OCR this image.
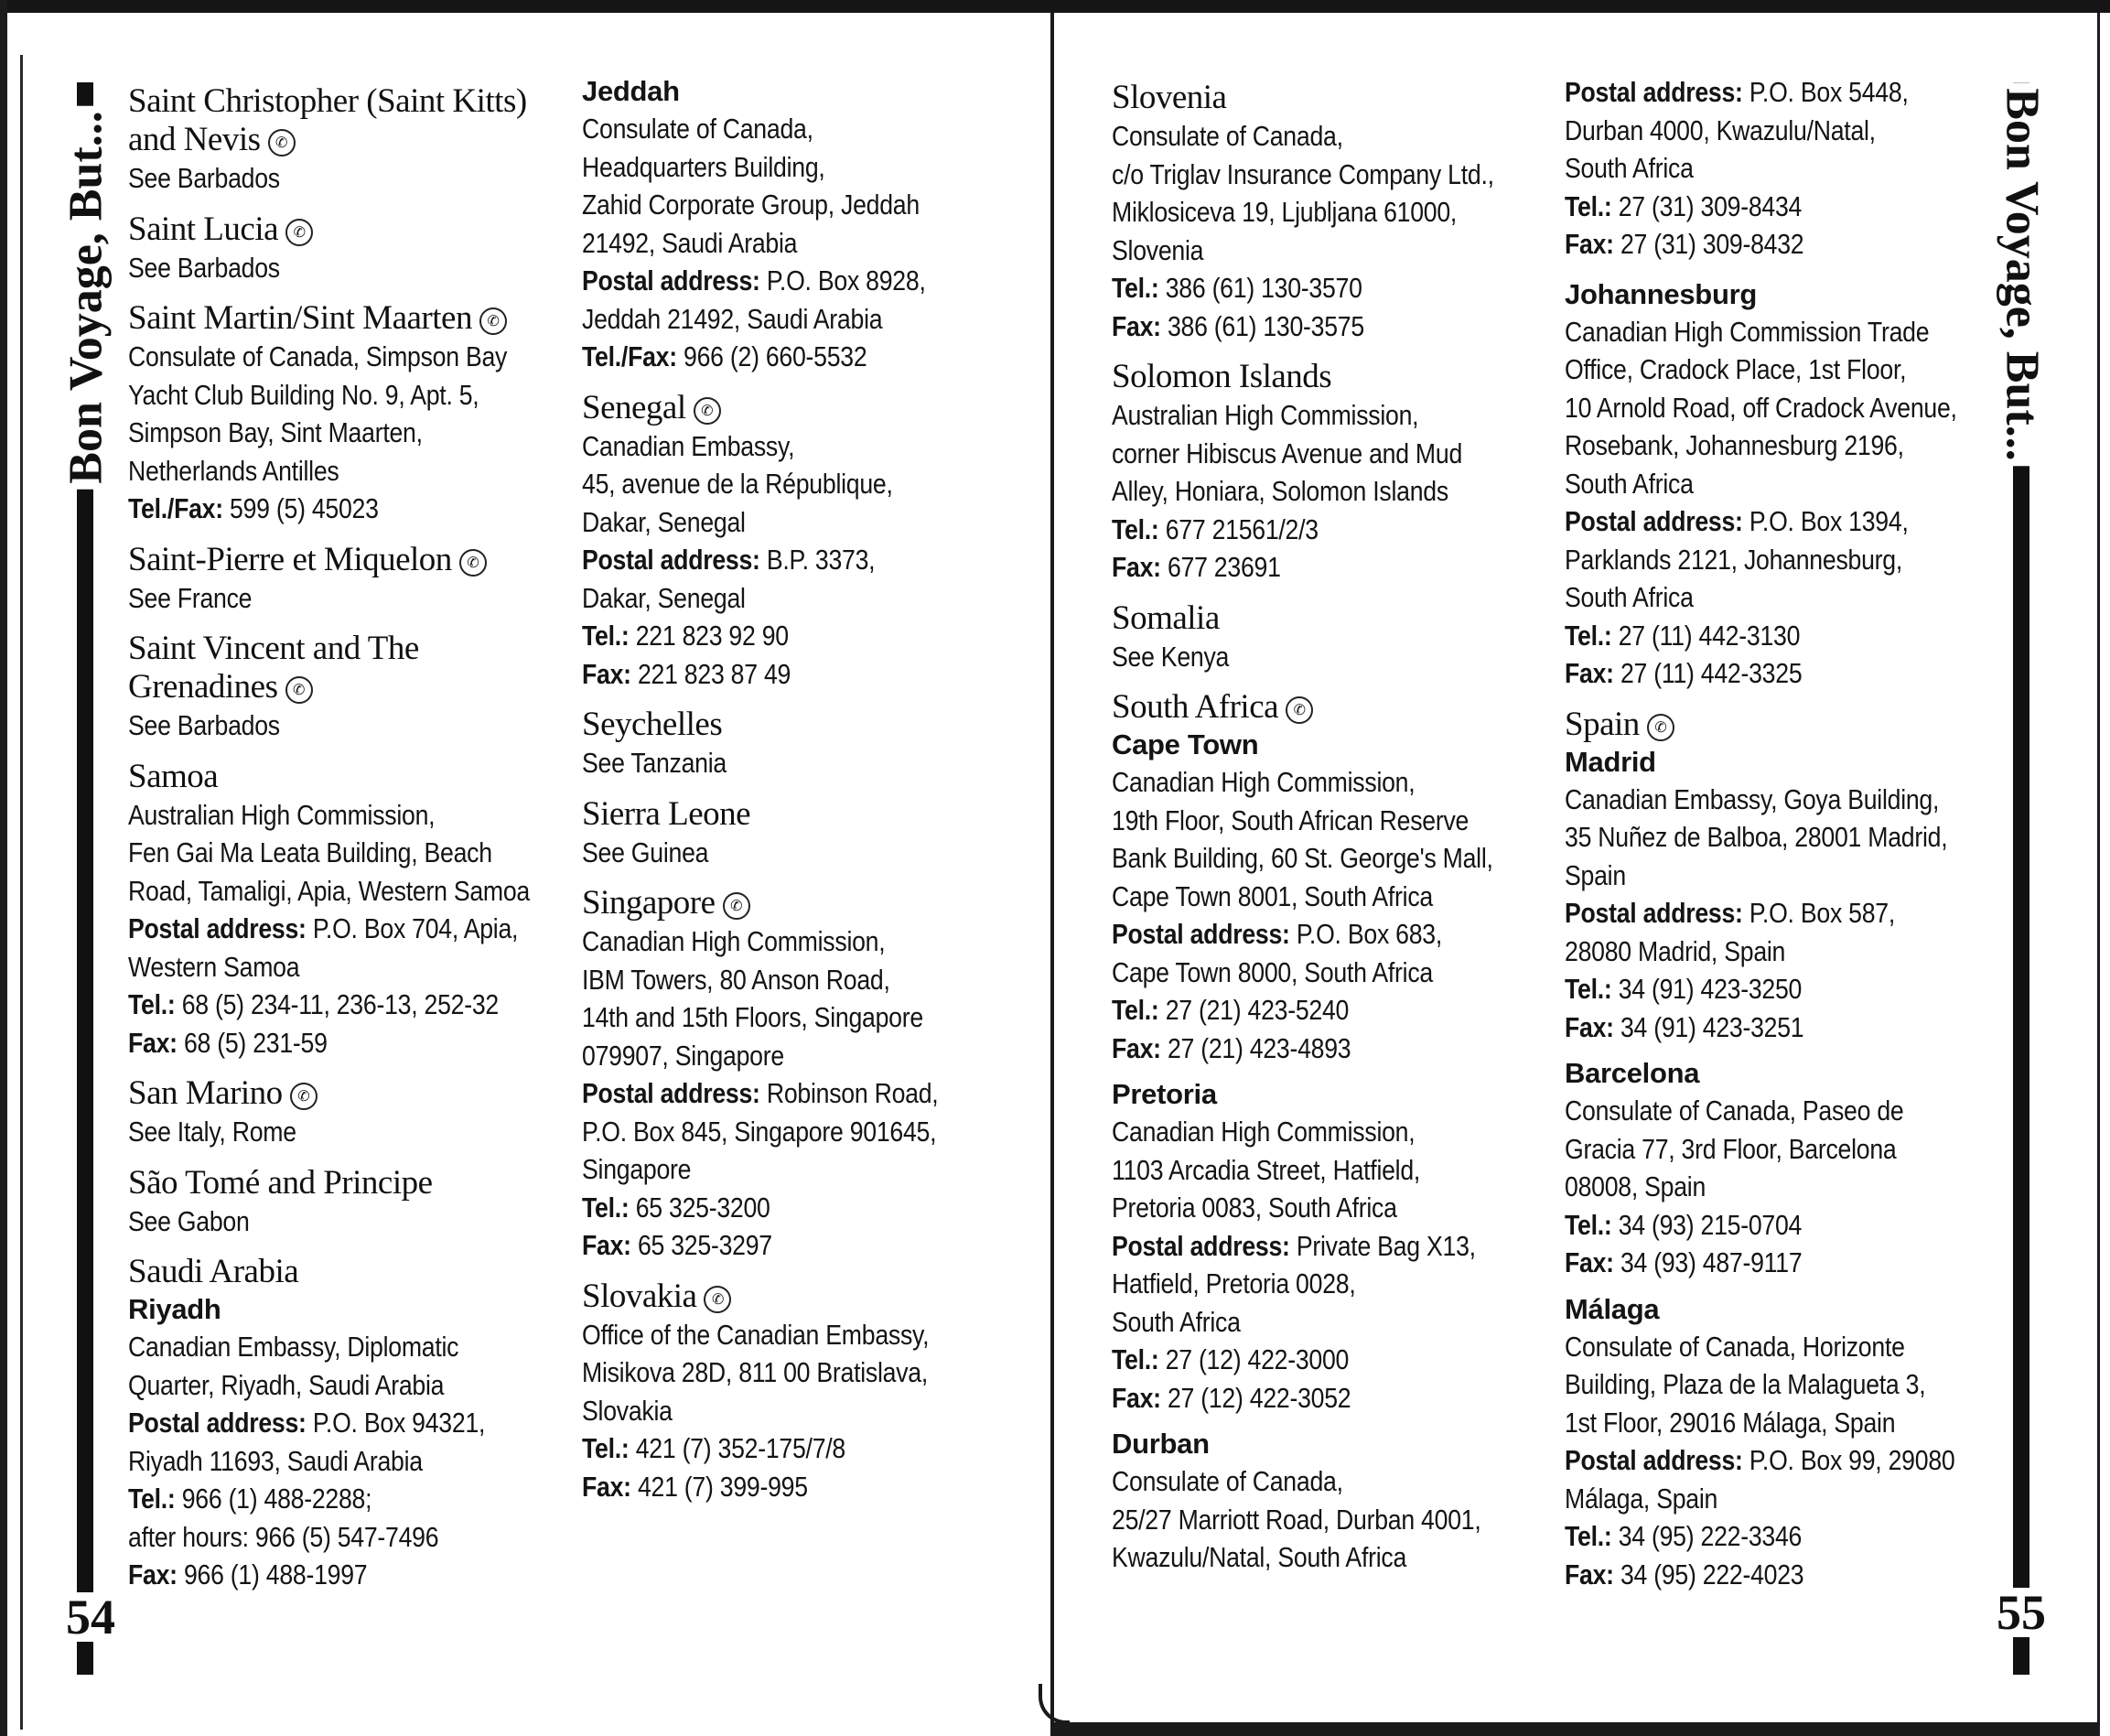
Bon Voyage, But...
54
Bon Voyage, But...
55
Saint Christopher (Saint Kitts) and Nevis ✆
See Barbados
Saint Lucia ✆
See Barbados
Saint Martin/Sint Maarten ✆
Consulate of Canada, Simpson Bay
Yacht Club Building No. 9, Apt. 5,
Simpson Bay, Sint Maarten,
Netherlands Antilles
Tel./Fax: 599 (5) 45023
Saint-Pierre et Miquelon ✆
See France
Saint Vincent and The Grenadines ✆
See Barbados
Samoa
Australian High Commission,
Fen Gai Ma Leata Building, Beach
Road, Tamaligi, Apia, Western Samoa
Postal address: P.O. Box 704, Apia,
Western Samoa
Tel.: 68 (5) 234-11, 236-13, 252-32
Fax: 68 (5) 231-59
San Marino ✆
See Italy, Rome
São Tomé and Principe
See Gabon
Saudi Arabia
Riyadh
Canadian Embassy, Diplomatic
Quarter, Riyadh, Saudi Arabia
Postal address: P.O. Box 94321,
Riyadh 11693, Saudi Arabia
Tel.: 966 (1) 488-2288;
after hours: 966 (5) 547-7496
Fax: 966 (1) 488-1997
Jeddah
Consulate of Canada,
Headquarters Building,
Zahid Corporate Group, Jeddah
21492, Saudi Arabia
Postal address: P.O. Box 8928,
Jeddah 21492, Saudi Arabia
Tel./Fax: 966 (2) 660-5532
Senegal ✆
Canadian Embassy,
45, avenue de la République,
Dakar, Senegal
Postal address: B.P. 3373,
Dakar, Senegal
Tel.: 221 823 92 90
Fax: 221 823 87 49
Seychelles
See Tanzania
Sierra Leone
See Guinea
Singapore ✆
Canadian High Commission,
IBM Towers, 80 Anson Road,
14th and 15th Floors, Singapore
079907, Singapore
Postal address: Robinson Road,
P.O. Box 845, Singapore 901645,
Singapore
Tel.: 65 325-3200
Fax: 65 325-3297
Slovakia ✆
Office of the Canadian Embassy,
Misikova 28D, 811 00 Bratislava,
Slovakia
Tel.: 421 (7) 352-175/7/8
Fax: 421 (7) 399-995
Slovenia
Consulate of Canada,
c/o Triglav Insurance Company Ltd.,
Miklosiceva 19, Ljubljana 61000,
Slovenia
Tel.: 386 (61) 130-3570
Fax: 386 (61) 130-3575
Solomon Islands
Australian High Commission,
corner Hibiscus Avenue and Mud
Alley, Honiara, Solomon Islands
Tel.: 677 21561/2/3
Fax: 677 23691
Somalia
See Kenya
South Africa ✆
Cape Town
Canadian High Commission,
19th Floor, South African Reserve
Bank Building, 60 St. George's Mall,
Cape Town 8001, South Africa
Postal address: P.O. Box 683,
Cape Town 8000, South Africa
Tel.: 27 (21) 423-5240
Fax: 27 (21) 423-4893
Pretoria
Canadian High Commission,
1103 Arcadia Street, Hatfield,
Pretoria 0083, South Africa
Postal address: Private Bag X13,
Hatfield, Pretoria 0028,
South Africa
Tel.: 27 (12) 422-3000
Fax: 27 (12) 422-3052
Durban
Consulate of Canada,
25/27 Marriott Road, Durban 4001,
Kwazulu/Natal, South Africa
Postal address: P.O. Box 5448,
Durban 4000, Kwazulu/Natal,
South Africa
Tel.: 27 (31) 309-8434
Fax: 27 (31) 309-8432
Johannesburg
Canadian High Commission Trade
Office, Cradock Place, 1st Floor,
10 Arnold Road, off Cradock Avenue,
Rosebank, Johannesburg 2196,
South Africa
Postal address: P.O. Box 1394,
Parklands 2121, Johannesburg,
South Africa
Tel.: 27 (11) 442-3130
Fax: 27 (11) 442-3325
Spain ✆
Madrid
Canadian Embassy, Goya Building,
35 Nuñez de Balboa, 28001 Madrid,
Spain
Postal address: P.O. Box 587,
28080 Madrid, Spain
Tel.: 34 (91) 423-3250
Fax: 34 (91) 423-3251
Barcelona
Consulate of Canada, Paseo de
Gracia 77, 3rd Floor, Barcelona
08008, Spain
Tel.: 34 (93) 215-0704
Fax: 34 (93) 487-9117
Málaga
Consulate of Canada, Horizonte
Building, Plaza de la Malagueta 3,
1st Floor, 29016 Málaga, Spain
Postal address: P.O. Box 99, 29080
Málaga, Spain
Tel.: 34 (95) 222-3346
Fax: 34 (95) 222-4023
